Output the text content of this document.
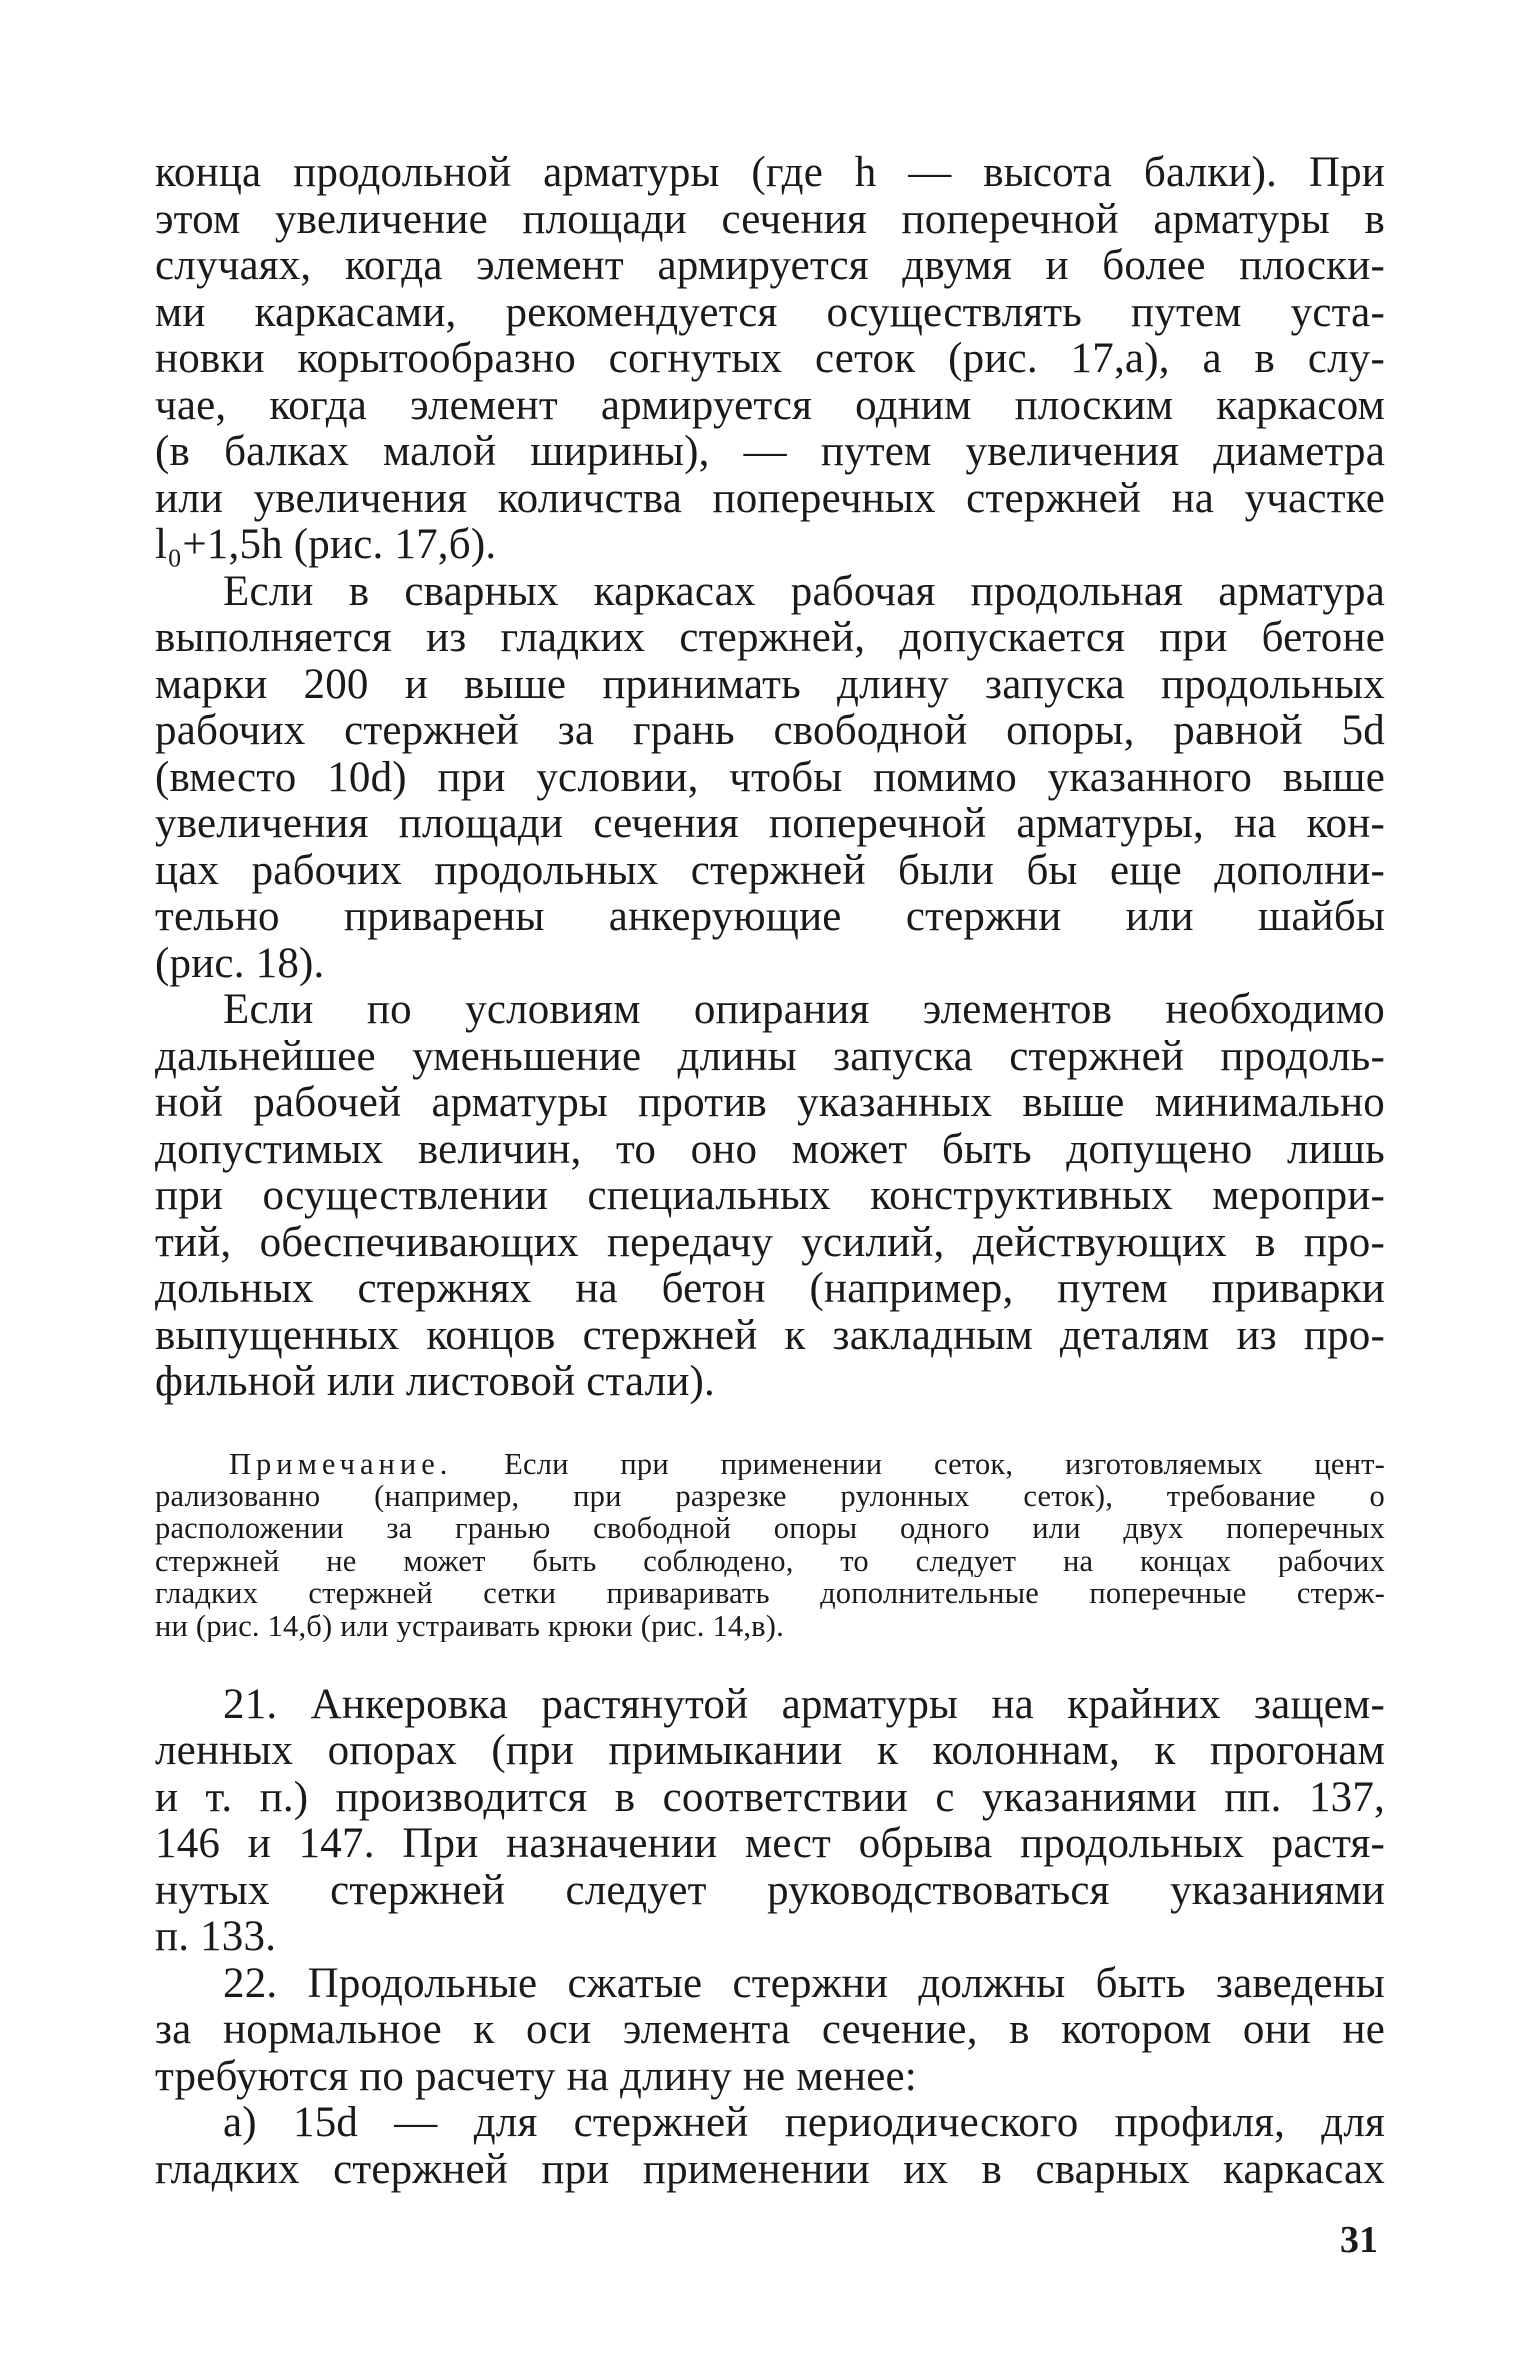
конца продольной арматуры (где h — высота балки). При
этом увеличение площади сечения поперечной арматуры в
случаях, когда элемент армируется двумя и более плоски-
ми каркасами, рекомендуется осуществлять путем уста-
новки корытообразно согнутых сеток (рис. 17,а), а в слу-
чае, когда элемент армируется одним плоским каркасом
(в балках малой ширины), — путем увеличения диаметра
или увеличения количства поперечных стержней на участке
l₀+1,5h (рис. 17,б).
Если в сварных каркасах рабочая продольная арматура
выполняется из гладких стержней, допускается при бетоне
марки 200 и выше принимать длину запуска продольных
рабочих стержней за грань свободной опоры, равной 5d
(вместо 10d) при условии, чтобы помимо указанного выше
увеличения площади сечения поперечной арматуры, на кон-
цах рабочих продольных стержней были бы еще дополни-
тельно приварены анкерующие стержни или шайбы
(рис. 18).
Если по условиям опирания элементов необходимо
дальнейшее уменьшение длины запуска стержней продоль-
ной рабочей арматуры против указанных выше минимально
допустимых величин, то оно может быть допущено лишь
при осуществлении специальных конструктивных меропри-
тий, обеспечивающих передачу усилий, действующих в про-
дольных стержнях на бетон (например, путем приварки
выпущенных концов стержней к закладным деталям из про-
фильной или листовой стали).
Примечание. Если при применении сеток, изготовляемых цент-
рализованно (например, при разрезке рулонных сеток), требование о
расположении за гранью свободной опоры одного или двух поперечных
стержней не может быть соблюдено, то следует на концах рабочих
гладких стержней сетки приваривать дополнительные поперечные стерж-
ни (рис. 14,б) или устраивать крюки (рис. 14,в).
21. Анкеровка растянутой арматуры на крайних защем-
ленных опорах (при примыкании к колоннам, к прогонам
и т. п.) производится в соответствии с указаниями пп. 137,
146 и 147. При назначении мест обрыва продольных растя-
нутых стержней следует руководствоваться указаниями
п. 133.
22. Продольные сжатые стержни должны быть заведены
за нормальное к оси элемента сечение, в котором они не
требуются по расчету на длину не менее:
а) 15d — для стержней периодического профиля, для
гладких стержней при применении их в сварных каркасах
31
